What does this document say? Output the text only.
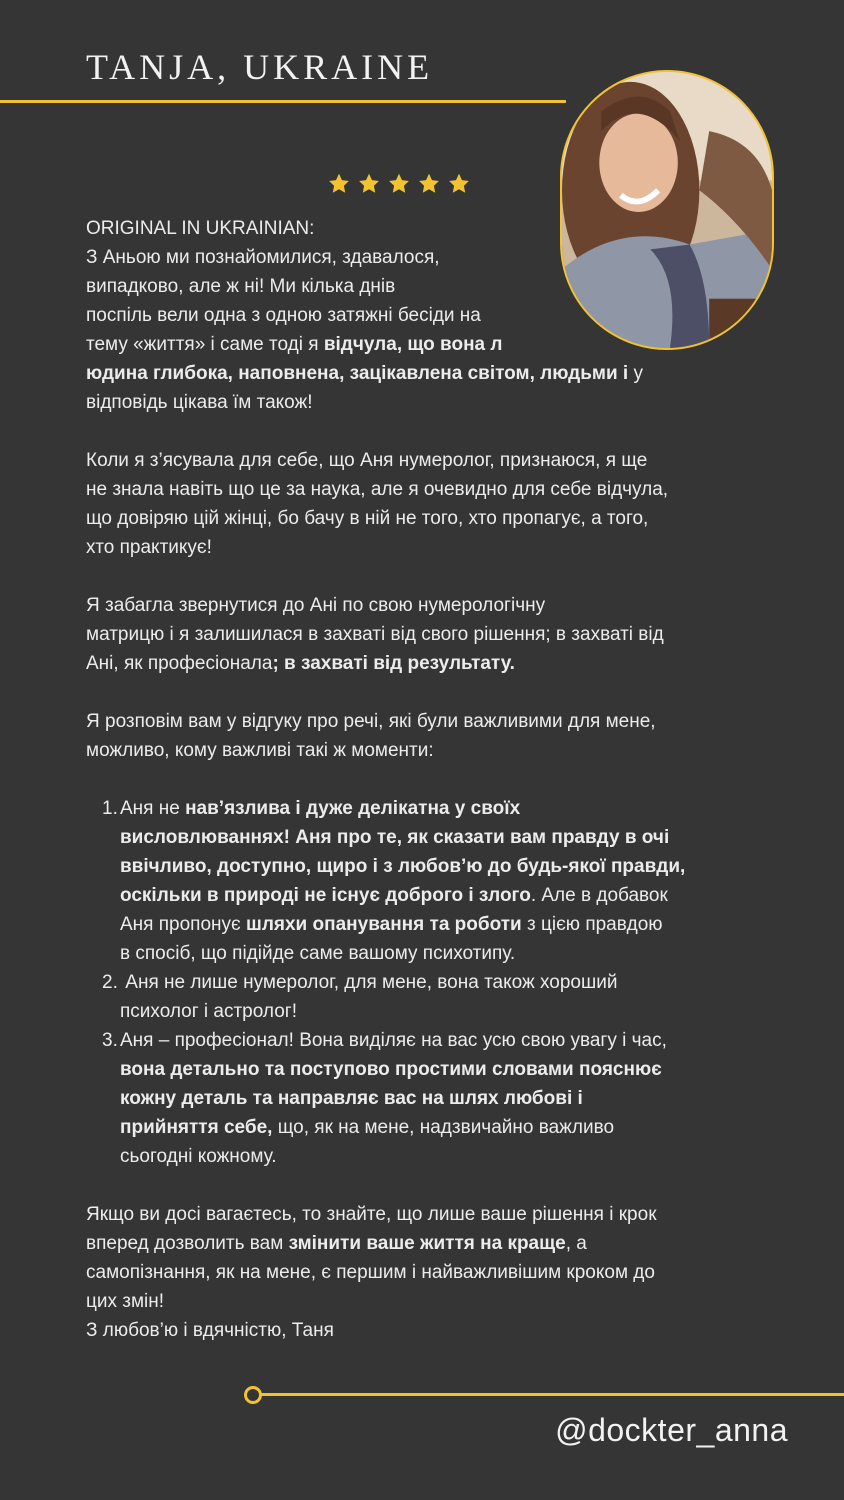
TANJA, UKRAINE
ORIGINAL IN UKRAINIAN:
З Аньою ми познайомилися, здавалося,
випадково, але ж ні! Ми кілька днів
поспіль вели одна з одною затяжні бесіди на
тему «життя» і саме тоді я відчула, що вона л
юдина глибока, наповнена, зацікавлена світом, людьми і у
відповідь цікава їм також!
Коли я з’ясувала для себе, що Аня нумеролог, признаюся, я ще
не знала навіть що це за наука, але я очевидно для себе відчула,
що довіряю цій жінці, бо бачу в ній не того, хто пропагує, а того,
хто практикує!
Я забагла звернутися до Ані по свою нумерологічну
матрицю і я залишилася в захваті від свого рішення; в захваті від
Ані, як професіонала; в захваті від результату.
Я розповім вам у відгуку про речі, які були важливими для мене,
можливо, кому важливі такі ж моменти:
1. Аня не нав’язлива і дуже делікатна у своїх
висловлюваннях! Аня про те, як сказати вам правду в очі
ввічливо, доступно, щиро і з любов’ю до будь-якої правди,
оскільки в природі не існує доброго і злого. Але в добавок
Аня пропонує шляхи опанування та роботи з цією правдою
в спосіб, що підійде саме вашому психотипу.
2. Аня не лише нумеролог, для мене, вона також хороший
психолог і астролог!
3. Аня – професіонал! Вона виділяє на вас усю свою увагу і час,
вона детально та поступово простими словами пояснює
кожну деталь та направляє вас на шлях любові і
прийняття себе, що, як на мене, надзвичайно важливо
сьогодні кожному.
Якщо ви досі вагаєтесь, то знайте, що лише ваше рішення і крок
вперед дозволить вам змінити ваше життя на краще, а
самопізнання, як на мене, є першим і найважливішим кроком до
цих змін!
З любов’ю і вдячністю, Таня
@dockter_anna
